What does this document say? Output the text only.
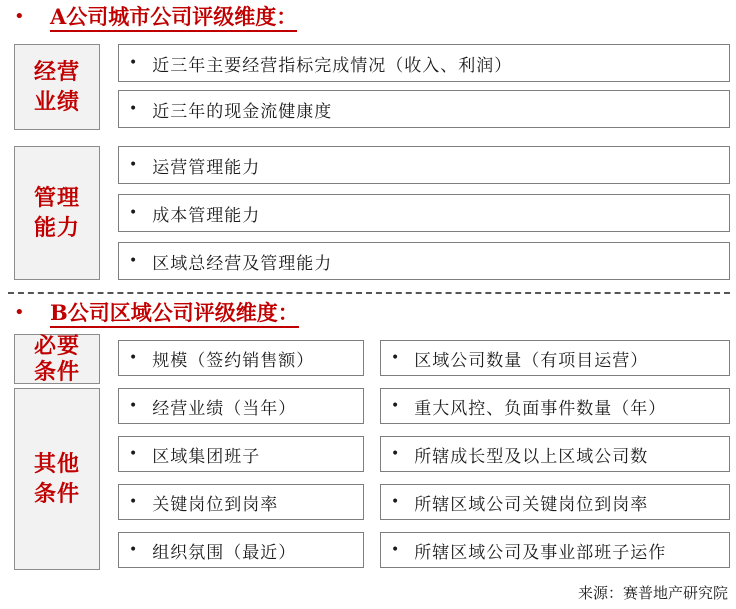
• A公司城市公司评级维度：
经营
业绩
• 近三年主要经营指标完成情况（收入、利润）
• 近三年的现金流健康度
管理
能力
• 运营管理能力
• 成本管理能力
• 区域总经营及管理能力
• B公司区域公司评级维度：
必要
条件
• 规模（签约销售额）	• 区域公司数量（有项目运营）
其他
条件
• 经营业绩（当年）	• 重大风控、负面事件数量（年）
• 区域集团班子	• 所辖成长型及以上区域公司数
• 关键岗位到岗率	• 所辖区域公司关键岗位到岗率
• 组织氛围（最近）	• 所辖区域公司及事业部班子运作
来源：赛普地产研究院
